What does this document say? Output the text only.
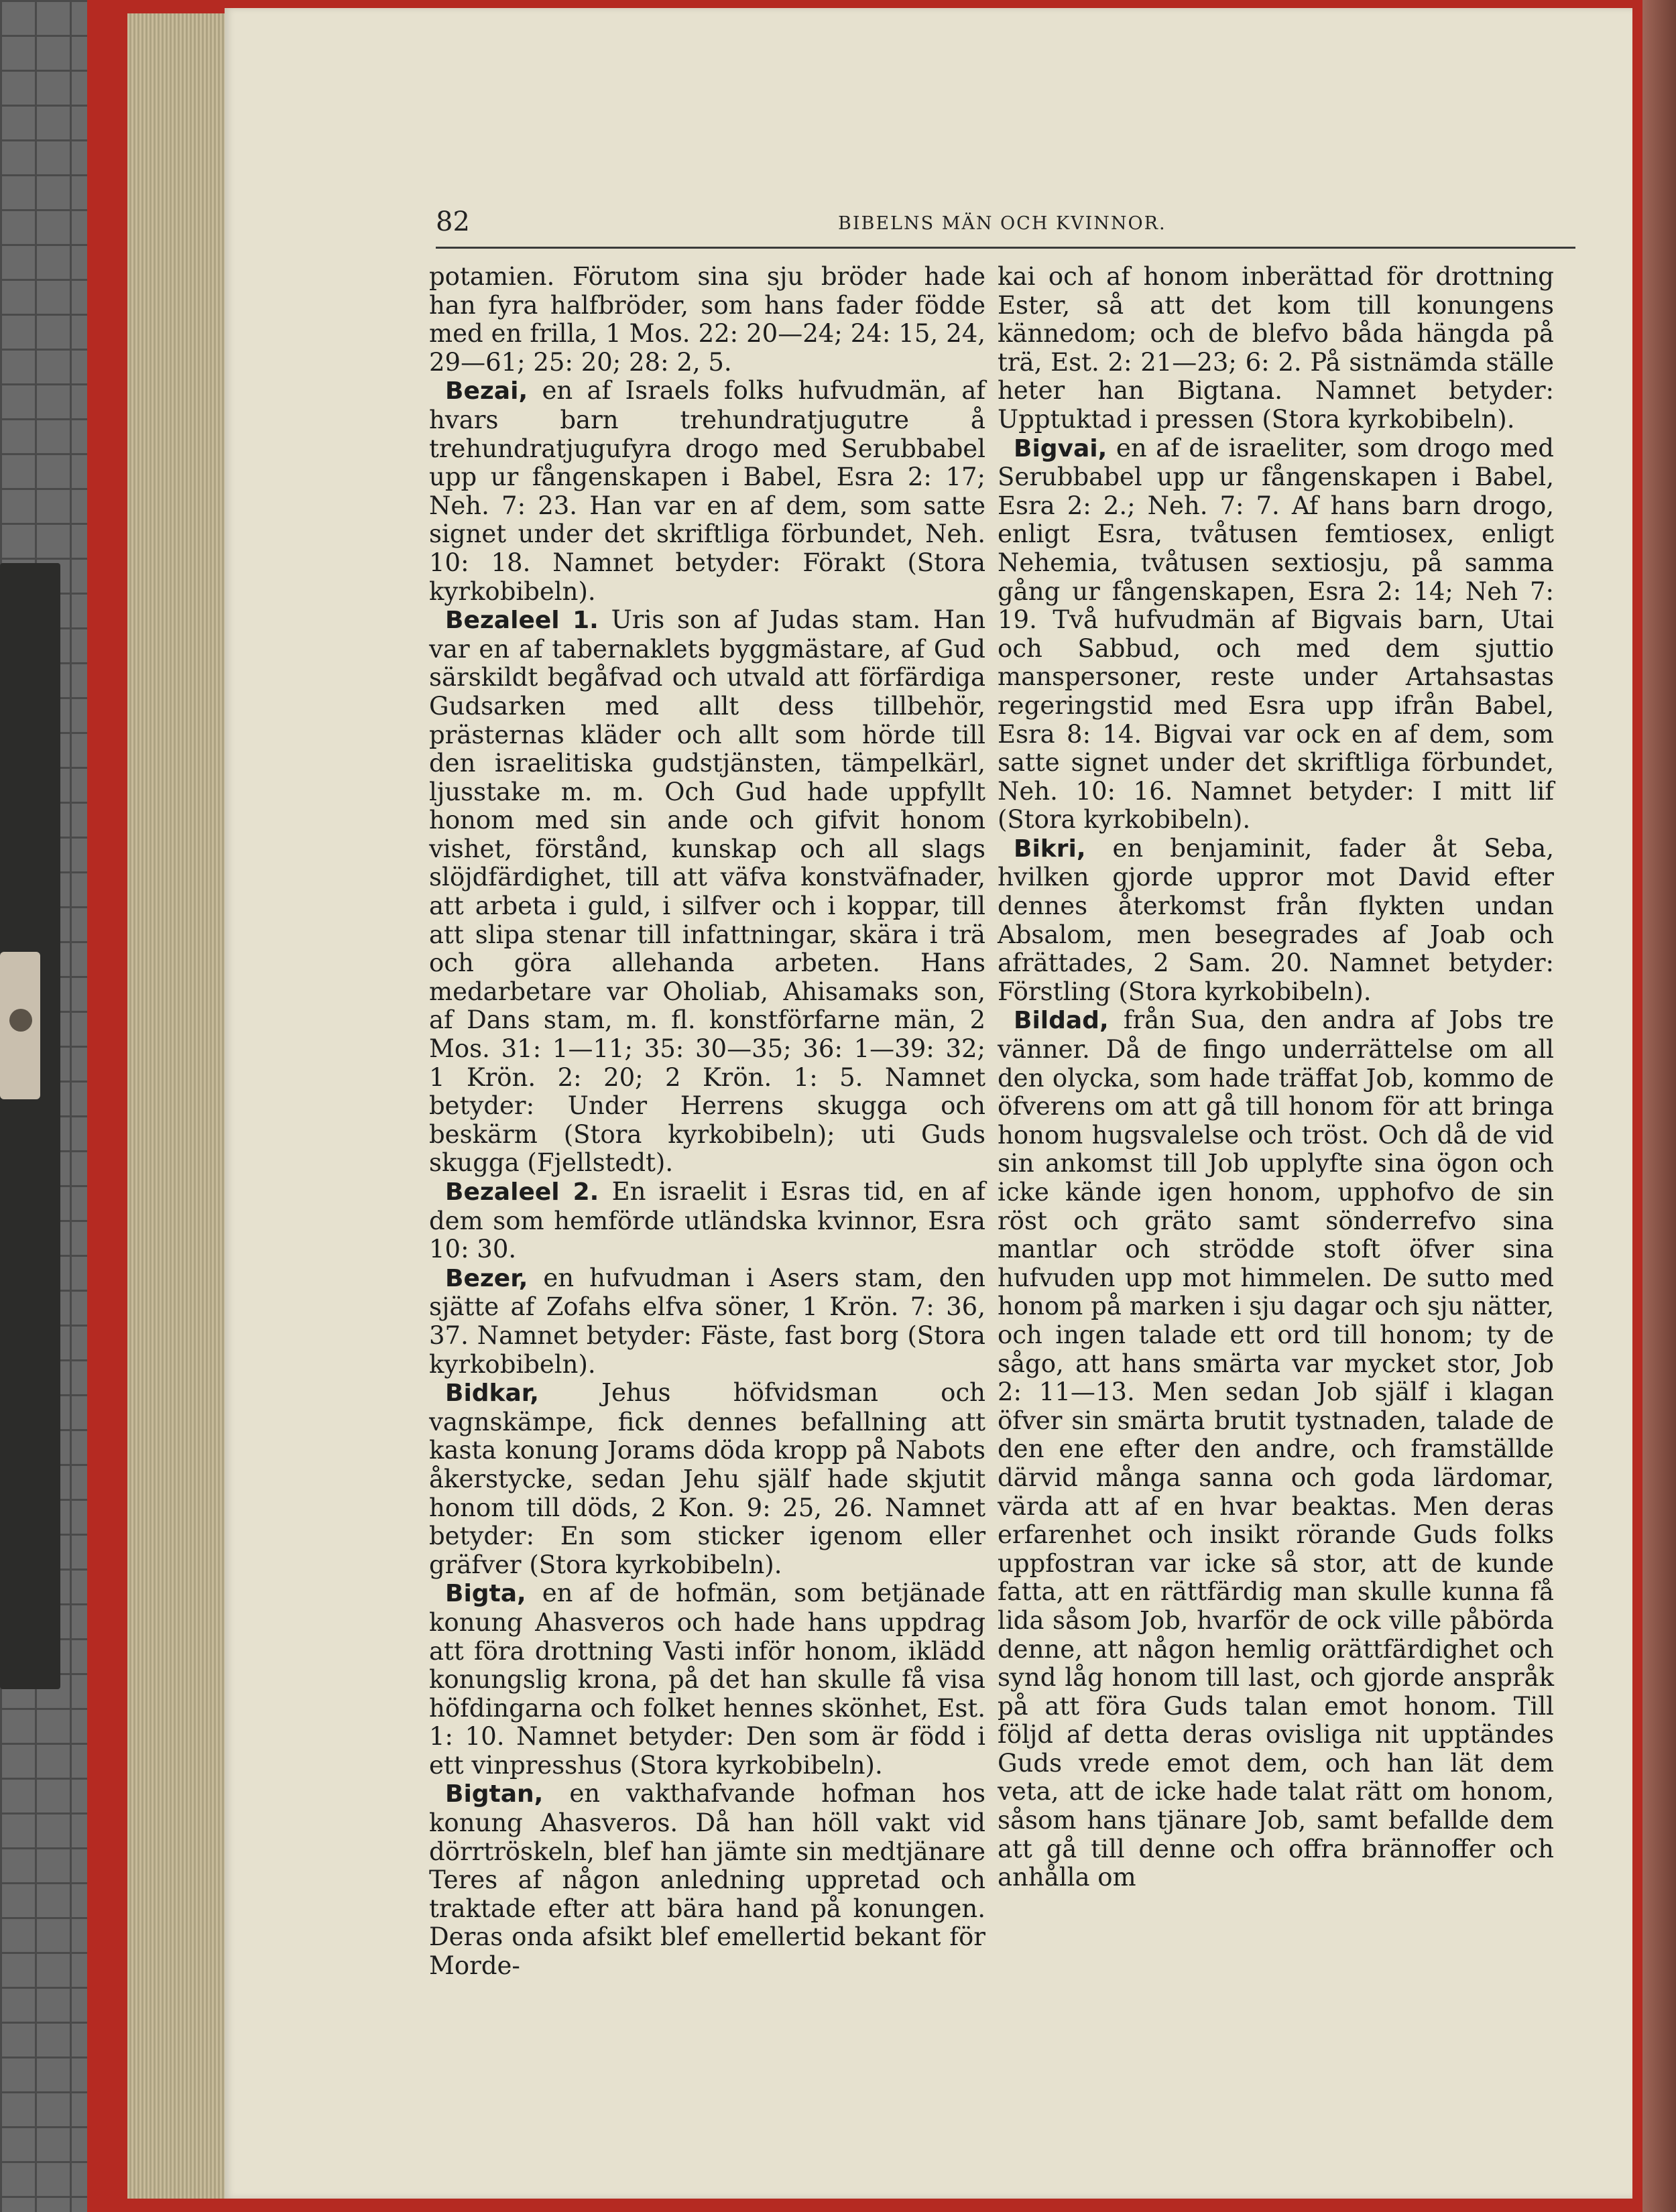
82	BIBELNS MÄN OCH KVINNOR.

potamien. Förutom sina sju bröder hade han fyra halfbröder, som hans fader födde med en frilla, 1 Mos. 22: 20—24; 24: 15, 24, 29—61; 25: 20; 28: 2, 5.

Bezai, en af Israels folks hufvudmän, af hvars barn trehundratjugutre å trehundratjugufyra drogo med Serubbabel upp ur fångenskapen i Babel, Esra 2: 17; Neh. 7: 23. Han var en af dem, som satte signet under det skriftliga förbundet, Neh. 10: 18. Namnet betyder: Förakt (Stora kyrkobibeln).

Bezaleel 1. Uris son af Judas stam. Han var en af tabernaklets byggmästare, af Gud särskildt begåfvad och utvald att förfärdiga Gudsarken med allt dess tillbehör, prästernas kläder och allt som hörde till den israelitiska gudstjänsten, tämpelkärl, ljusstake m. m. Och Gud hade uppfyllt honom med sin ande och gifvit honom vishet, förstånd, kunskap och all slags slöjdfärdighet, till att väfva konstväfnader, att arbeta i guld, i silfver och i koppar, till att slipa stenar till infattningar, skära i trä och göra allehanda arbeten. Hans medarbetare var Oholiab, Ahisamaks son, af Dans stam, m. fl. konstförfarne män, 2 Mos. 31: 1—11; 35: 30—35; 36: 1—39: 32; 1 Krön. 2: 20; 2 Krön. 1: 5. Namnet betyder: Under Herrens skugga och beskärm (Stora kyrkobibeln); uti Guds skugga (Fjellstedt).

Bezaleel 2. En israelit i Esras tid, en af dem som hemförde utländska kvinnor, Esra 10: 30.

Bezer, en hufvudman i Asers stam, den sjätte af Zofahs elfva söner, 1 Krön. 7: 36, 37. Namnet betyder: Fäste, fast borg (Stora kyrkobibeln).

Bidkar,	Jehus höfvidsman och vagnskämpe, fick dennes befallning att kasta konung Jorams döda kropp på Nabots åkerstycke, sedan Jehu själf hade skjutit honom till döds, 2 Kon. 9: 25, 26. Namnet betyder: En som sticker igenom eller gräfver (Stora kyrkobibeln).

Bigta, en af de hofmän, som betjänade konung Ahasveros och hade hans uppdrag att föra drottning Vasti inför honom, iklädd konungslig krona, på det han skulle få visa höfdingarna och folket hennes skönhet, Est. 1: 10. Namnet betyder: Den som är född i ett vinpresshus (Stora kyrkobibeln).

Bigtan, en vakthafvande hofman hos konung Ahasveros. Då han höll vakt vid dörrtröskeln, blef han jämte sin medtjänare Teres af någon anledning uppretad och traktade efter att bära hand på konungen. Deras onda afsikt blef emellertid bekant för Morde-

kai och af honom inberättad för drottning Ester, så att det kom till konungens kännedom; och de blefvo båda hängda på trä, Est. 2: 21—23; 6: 2. På sistnämda ställe heter han Bigtana. Namnet betyder: Upptuktad i pressen (Stora kyrkobibeln).

Bigvai, en af de israeliter, som drogo med Serubbabel upp ur fångenskapen i Babel, Esra 2: 2.; Neh. 7: 7. Af hans barn drogo, enligt Esra, tvåtusen femtiosex, enligt Nehemia, tvåtusen sextiosju, på samma gång ur fångenskapen, Esra 2: 14; Neh 7: 19. Två hufvudmän af Bigvais barn, Utai och Sabbud, och med dem sjuttio manspersoner, reste under Artahsastas regeringstid med Esra upp ifrån Babel, Esra 8: 14. Bigvai var ock en af dem, som satte signet under det skriftliga förbundet, Neh. 10: 16. Namnet betyder: I mitt lif (Stora kyrkobibeln).

Bikri, en benjaminit, fader åt Seba, hvilken gjorde uppror mot David efter dennes återkomst från flykten undan Absalom, men besegrades af Joab och afrättades, 2 Sam. 20. Namnet betyder: Förstling (Stora kyrkobibeln).

Bildad, från Sua, den andra af Jobs tre vänner. Då de fingo underrättelse om all den olycka, som hade träffat Job, kommo de öfverens om att gå till honom för att bringa honom hugsvalelse och tröst. Och då de vid sin ankomst till Job upplyfte sina ögon och icke kände igen honom, upphofvo de sin röst och gräto samt sönderrefvo sina mantlar och strödde stoft öfver sina hufvuden upp mot himmelen. De sutto med honom på marken i sju dagar och sju nätter, och ingen talade ett ord till honom; ty de sågo, att hans smärta var mycket stor, Job 2: 11—13. Men sedan Job själf i klagan öfver sin smärta brutit tystnaden, talade de den ene efter den andre, och framställde därvid många sanna och goda lärdomar, värda att af en hvar beaktas. Men deras erfarenhet och insikt rörande Guds folks uppfostran var icke så stor, att de kunde fatta, att en rättfärdig man skulle kunna få lida såsom Job, hvarför de ock ville påbörda denne, att någon hemlig orättfärdighet och synd låg honom till last, och gjorde anspråk på att föra Guds talan emot honom. Till följd af detta deras ovisliga nit upptändes Guds vrede emot dem, och han lät dem veta, att de icke hade talat rätt om honom, såsom hans tjänare Job, samt befallde dem att gå till denne och offra brännoffer och anhålla om
